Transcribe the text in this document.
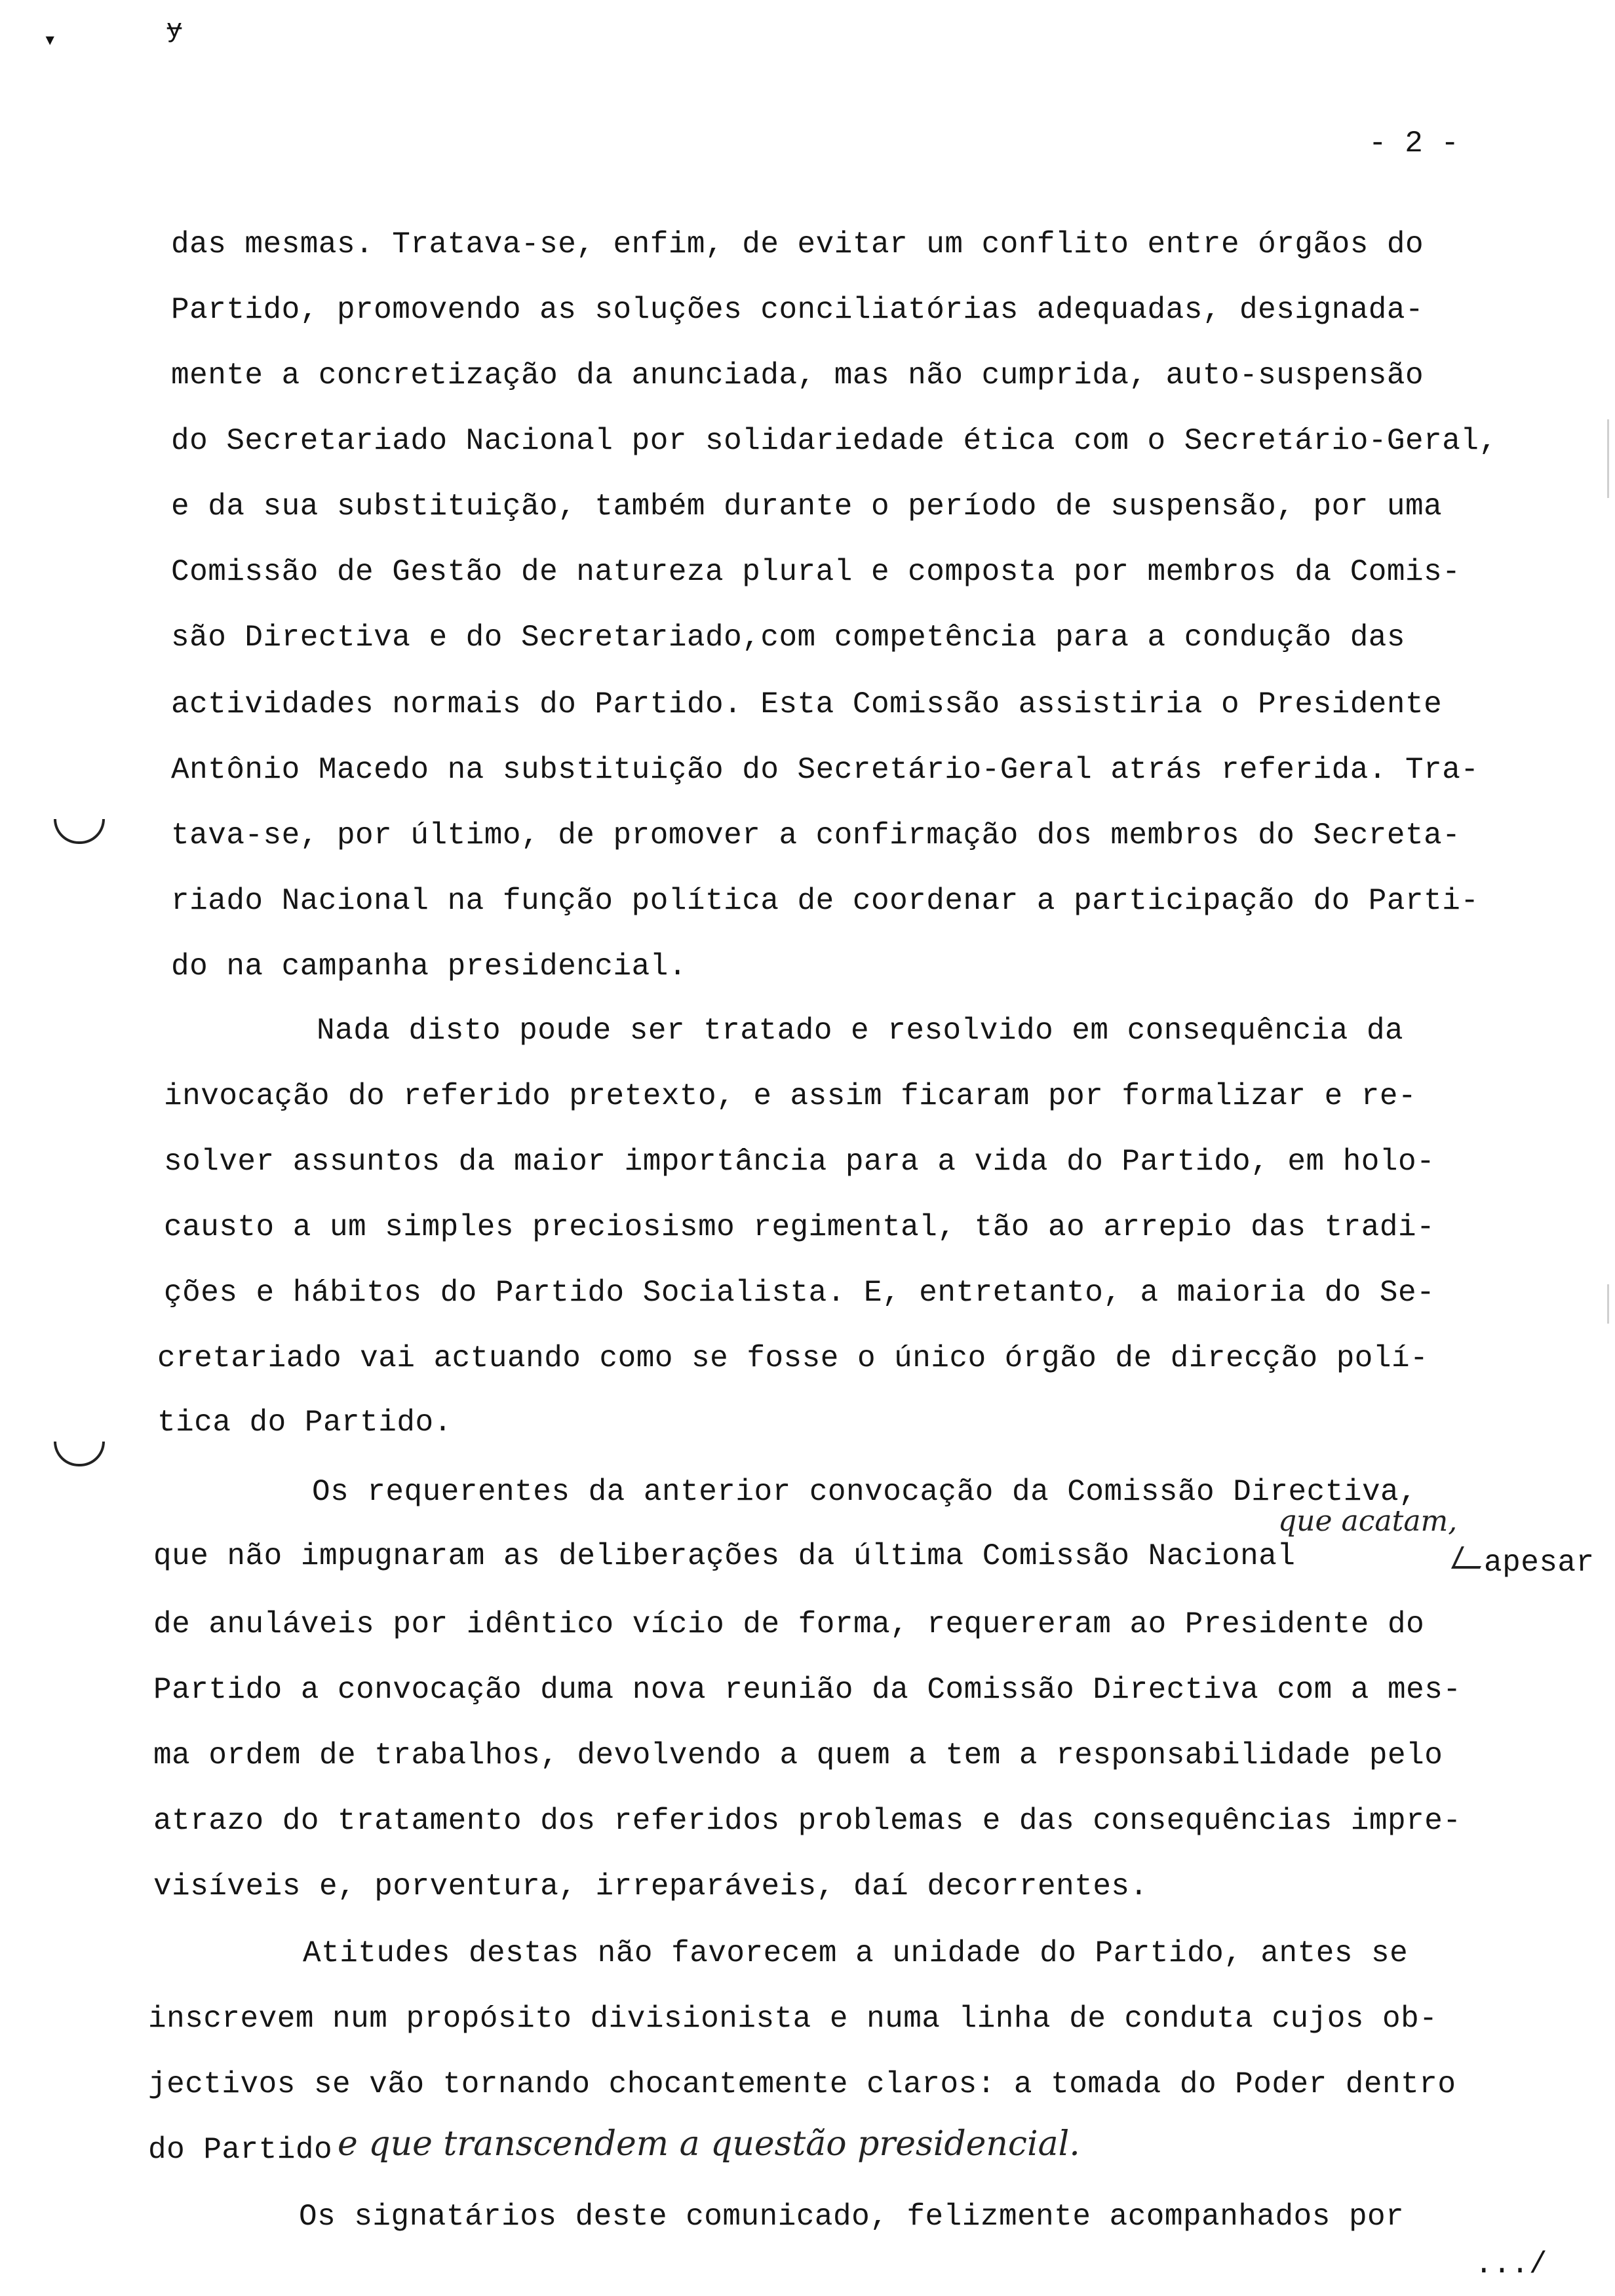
▾	ɏ
- 2 -
das mesmas. Tratava-se, enfim, de evitar um conflito entre órgãos do
Partido, promovendo as soluções conciliatórias adequadas, designada-
mente a concretização da anunciada, mas não cumprida, auto-suspensão
do Secretariado Nacional por solidariedade ética com o Secretário-Geral,
e da sua substituição, também durante o período de suspensão, por uma
Comissão de Gestão de natureza plural e composta por membros da Comis-
são Directiva e do Secretariado,com competência para a condução das
actividades normais do Partido. Esta Comissão assistiria o Presidente
Antônio Macedo na substituição do Secretário-Geral atrás referida. Tra-
tava-se, por último, de promover a confirmação dos membros do Secreta-
riado Nacional na função política de coordenar a participação do Parti-
do na campanha presidencial.
Nada disto poude ser tratado e resolvido em consequência da
invocação do referido pretexto, e assim ficaram por formalizar e re-
solver assuntos da maior importância para a vida do Partido, em holo-
causto a um simples preciosismo regimental, tão ao arrepio das tradi-
ções e hábitos do Partido Socialista. E, entretanto, a maioria do Se-
cretariado vai actuando como se fosse o único órgão de direcção polí-
tica do Partido.
Os requerentes da anterior convocação da Comissão Directiva,
que acatam,
que não impugnaram as deliberações da última Comissão Nacional	apesar
de anuláveis por idêntico vício de forma, requereram ao Presidente do
Partido a convocação duma nova reunião da Comissão Directiva com a mes-
ma ordem de trabalhos, devolvendo a quem a tem a responsabilidade pelo
atrazo do tratamento dos referidos problemas e das consequências impre-
visíveis e, porventura, irreparáveis, daí decorrentes.
Atitudes destas não favorecem a unidade do Partido, antes se
inscrevem num propósito divisionista e numa linha de conduta cujos ob-
jectivos se vão tornando chocantemente claros: a tomada do Poder dentro
do Partido e que transcendem a questão presidencial.
Os signatários deste comunicado, felizmente acompanhados por
.../
